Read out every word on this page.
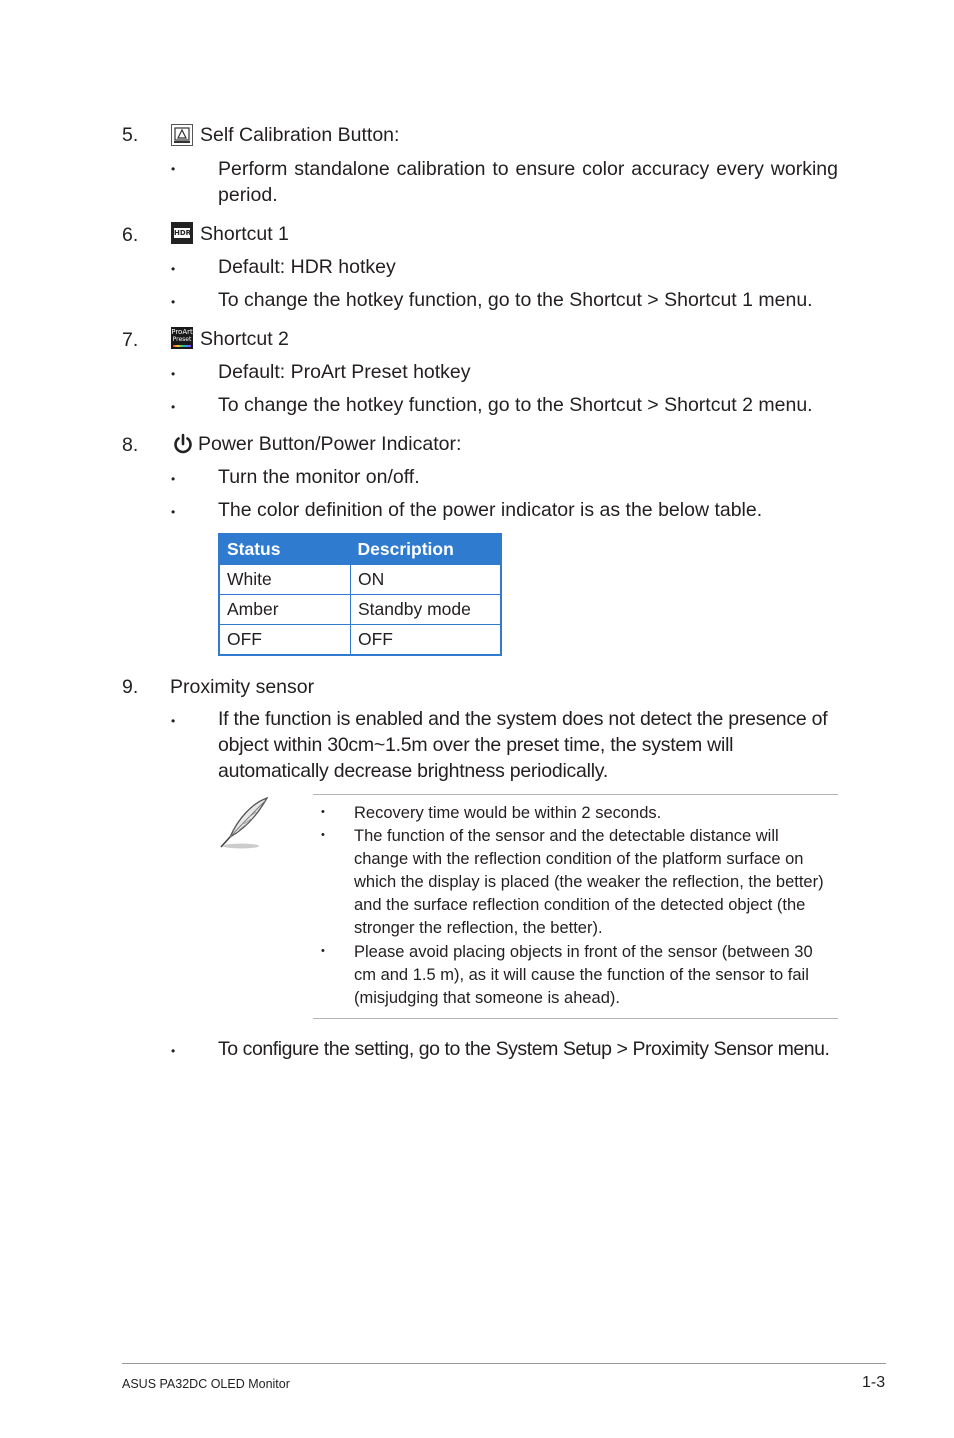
5.	Self Calibration Button:
• Perform standalone calibration to ensure color accuracy every working period.
6.	HDR Shortcut 1
• Default: HDR hotkey
• To change the hotkey function, go to the Shortcut > Shortcut 1 menu.
7.	ProArt
Preset Shortcut 2
• Default: ProArt Preset hotkey
• To change the hotkey function, go to the Shortcut > Shortcut 2 menu.
8.	Power Button/Power Indicator:
• Turn the monitor on/off.
• The color definition of the power indicator is as the below table.
Status	Description
White	ON
Amber	Standby mode
OFF	OFF
9. Proximity sensor
• If the function is enabled and the system does not detect the presence of object within 30cm~1.5m over the preset time, the system will automatically decrease brightness periodically.
• Recovery time would be within 2 seconds.
• The function of the sensor and the detectable distance will change with the reflection condition of the platform surface on which the display is placed (the weaker the reflection, the better) and the surface reflection condition of the detected object (the stronger the reflection, the better).
• Please avoid placing objects in front of the sensor (between 30 cm and 1.5 m), as it will cause the function of the sensor to fail (misjudging that someone is ahead).
• To configure the setting, go to the System Setup > Proximity Sensor menu.
ASUS PA32DC OLED Monitor	1-3
